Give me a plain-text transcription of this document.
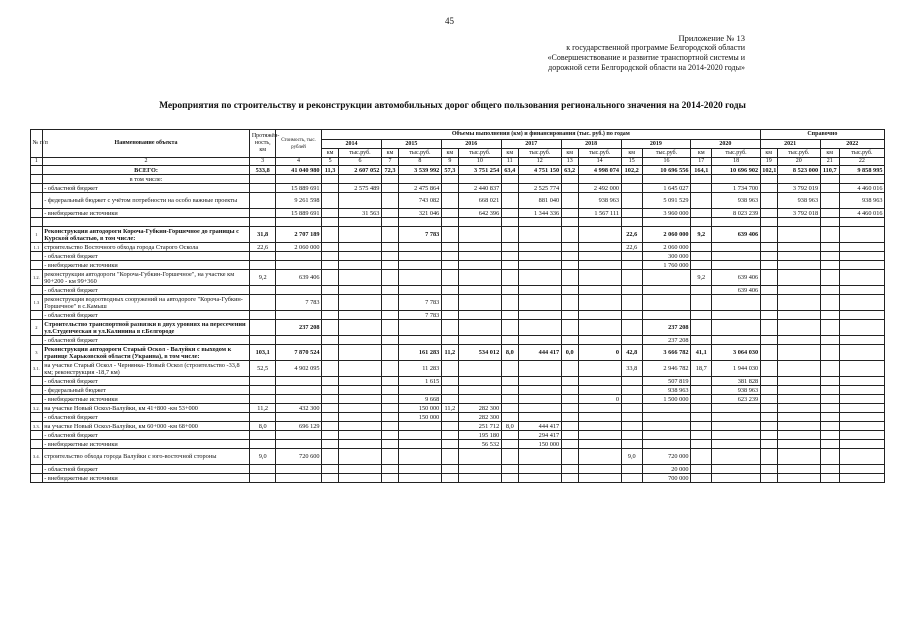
45
Приложение № 13
к государственной программе Белгородской области
«Совершенствование и развитие транспортной системы и
дорожной сети Белгородской области на 2014-2020 годы»
Мероприятия по строительству и реконструкции автомобильных дорог общего пользования регионального значения на 2014-2020 годы
№ п/п	Наименование объекта	Протяжён-ность, км	Стоимость, тыс. рублей	Объемы выполнения (км) и финансирования (тыс. руб.) по годам														Справочно			
				2014		2015		2016		2017		2018		2019		2020		2021		2022	
				км	тыс.руб.	км	тыс.руб.	км	тыс.руб.	км	тыс.руб.	км	тыс.руб.	км	тыс.руб.	км	тыс.руб.	км	тыс.руб.	км	тыс.руб.
1	2	3	4	5	6	7	8	9	10	11	12	13	14	15	16	17	18	19	20	21	22
	ВСЕГО:	533,8	41 040 980	11,3	2 607 052	72,3	3 539 992	57,3	3 751 254	63,4	4 751 150	63,2	4 998 074	102,2	10 696 556	164,1	10 696 902	102,1	8 523 000	110,7	9 858 995
	в том числе:																				
	- областной бюджет		15 889 691		2 575 489		2 475 864		2 440 837		2 525 774		2 492 000		1 645 027		1 734 700		3 792 019		4 460 016
	- федеральный бюджет с учётом потребности на особо важные проекты		9 261 598				743 082		668 021		881 040		938 963		5 091 529		938 963		938 963		938 963
	- внебюджетные источники		15 889 691		31 563		321 046		642 396		1 344 336		1 567 111		3 960 000		8 023 239		3 792 018		4 460 016

1	Реконструкция автодороги Короча-Губкин-Горшечное до границы с Курской областью, в том числе:	31,8	2 707 189				7 783							22,6	2 060 000	9,2	639 406				
1.1	строительство Восточного обхода города Старого Оскола	22,6	2 060 000											22,6	2 060 000						
	- областной бюджет														300 000						
	- внебюджетные источники														1 760 000						
1.2.	реконструкция автодороги "Короча-Губкин-Горшечное", на участке км 90+200 - км 99+360	9,2	639 406													9,2	639 406				
	- областной бюджет																639 406				
1.3	реконструкция водоотводных сооружений на автодороге "Короча-Губкин-Горшечное" в с.Камыш		7 783				7 783														
	- областной бюджет						7 783														
2	Строительство транспортной развязки в двух уровнях на пересечении ул.Студенческая и ул.Калинина в г.Белгороде		237 208												237 208						
	- областной бюджет														237 208						
3	Реконструкция автодороги Старый Оскол - Валуйки с выходом к границе Харьковской области (Украина), в том числе:	103,1	7 870 524				161 283	11,2	534 012	8,0	444 417	0,0	0	42,8	3 666 782	41,1	3 064 030				
3.1.	на участке Старый Оскол - Чернянка- Новый Оскол (строительство -33,8 км; реконструкция -18,7 км)	52,5	4 902 095				11 283							33,8	2 946 782	18,7	1 944 030				
	- областной бюджет						1 615								507 819		381 828				
	- федеральный бюджет														938 963		938 963				
	- внебюджетные источники						9 668						0		1 500 000		623 239				
3.2.	на участке Новый Оскол-Валуйки, км 41+800 -км 53+000	11,2	432 300				150 000	11,2	282 300												
	- областной бюджет						150 000		282 300												
3.3.	на участке Новый Оскол-Валуйки, км 60+000 -км 68+000	8,0	696 129						251 712	8,0	444 417										
	- областной бюджет								195 180		294 417										
	- внебюджетные источники								56 532		150 000										
3.4.	строительство обхода города Валуйки с юго-восточной стороны	9,0	720 600											9,0	720 000						
	- областной бюджет														20 000						
	- внебюджетные источники														700 000						
